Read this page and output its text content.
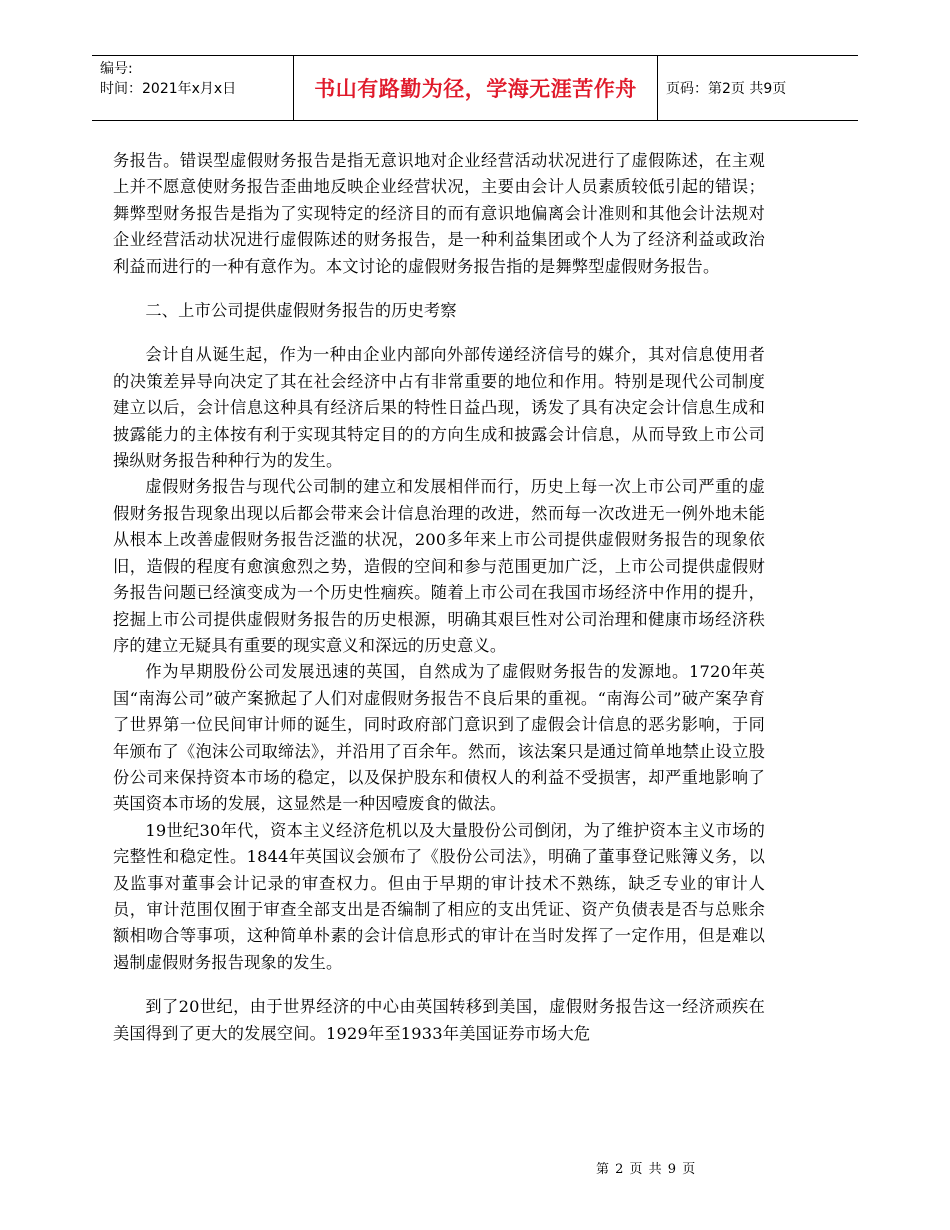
编号:
时间：2021年x月x日	书山有路勤为径，学海无涯苦作舟	页码：第2页 共9页

务报告。错误型虚假财务报告是指无意识地对企业经营活动状况进行了虚假陈述，在主观上并不愿意使财务报告歪曲地反映企业经营状况，主要由会计人员素质较低引起的错误；舞弊型财务报告是指为了实现特定的经济目的而有意识地偏离会计准则和其他会计法规对企业经营活动状况进行虚假陈述的财务报告，是一种利益集团或个人为了经济利益或政治利益而进行的一种有意作为。本文讨论的虚假财务报告指的是舞弊型虚假财务报告。

二、上市公司提供虚假财务报告的历史考察

会计自从诞生起，作为一种由企业内部向外部传递经济信号的媒介，其对信息使用者的决策差异导向决定了其在社会经济中占有非常重要的地位和作用。特别是现代公司制度建立以后，会计信息这种具有经济后果的特性日益凸现，诱发了具有决定会计信息生成和披露能力的主体按有利于实现其特定目的的方向生成和披露会计信息，从而导致上市公司操纵财务报告种种行为的发生。

虚假财务报告与现代公司制的建立和发展相伴而行，历史上每一次上市公司严重的虚假财务报告现象出现以后都会带来会计信息治理的改进，然而每一次改进无一例外地未能从根本上改善虚假财务报告泛滥的状况，200多年来上市公司提供虚假财务报告的现象依旧，造假的程度有愈演愈烈之势，造假的空间和参与范围更加广泛，上市公司提供虚假财务报告问题已经演变成为一个历史性痼疾。随着上市公司在我国市场经济中作用的提升，挖掘上市公司提供虚假财务报告的历史根源，明确其艰巨性对公司治理和健康市场经济秩序的建立无疑具有重要的现实意义和深远的历史意义。

作为早期股份公司发展迅速的英国，自然成为了虚假财务报告的发源地。1720年英国“南海公司”破产案掀起了人们对虚假财务报告不良后果的重视。“南海公司”破产案孕育了世界第一位民间审计师的诞生，同时政府部门意识到了虚假会计信息的恶劣影响，于同年颁布了《泡沫公司取缔法》，并沿用了百余年。然而，该法案只是通过简单地禁止设立股份公司来保持资本市场的稳定，以及保护股东和债权人的利益不受损害，却严重地影响了英国资本市场的发展，这显然是一种因噎废食的做法。

19世纪30年代，资本主义经济危机以及大量股份公司倒闭，为了维护资本主义市场的完整性和稳定性。1844年英国议会颁布了《股份公司法》，明确了董事登记账簿义务，以及监事对董事会计记录的审查权力。但由于早期的审计技术不熟练，缺乏专业的审计人员，审计范围仅囿于审查全部支出是否编制了相应的支出凭证、资产负债表是否与总账余额相吻合等事项，这种简单朴素的会计信息形式的审计在当时发挥了一定作用，但是难以遏制虚假财务报告现象的发生。

到了20世纪，由于世界经济的中心由英国转移到美国，虚假财务报告这一经济顽疾在美国得到了更大的发展空间。1929年至1933年美国证券市场大危

第 2 页 共 9 页
